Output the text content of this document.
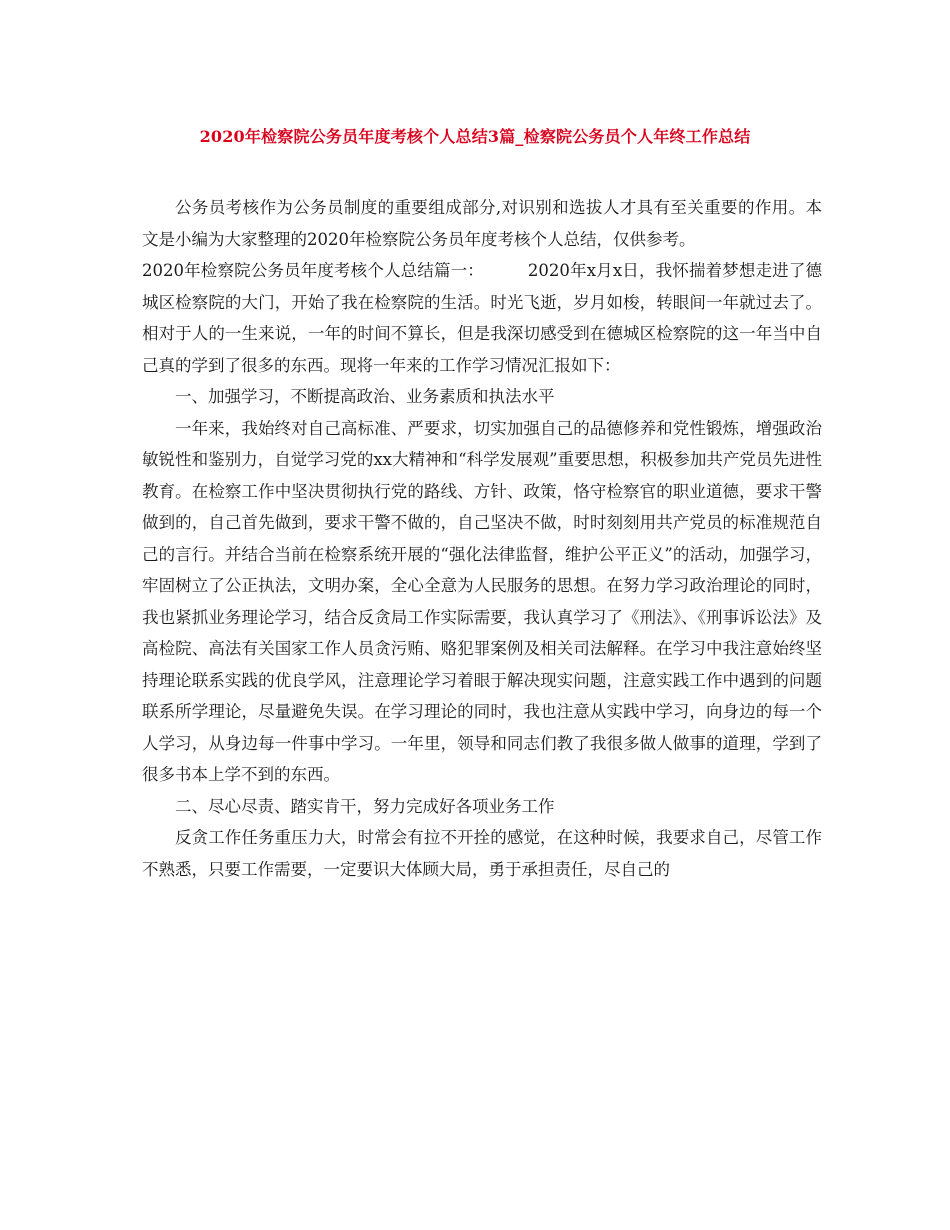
2020年检察院公务员年度考核个人总结3篇_检察院公务员个人年终工作总结

公务员考核作为公务员制度的重要组成部分,对识别和选拔人才具有至关重要的作用。本文是小编为大家整理的2020年检察院公务员年度考核个人总结，仅供参考。

2020年检察院公务员年度考核个人总结篇一：	2020年x月x日，我怀揣着梦想走进了德城区检察院的大门，开始了我在检察院的生活。时光飞逝，岁月如梭，转眼间一年就过去了。相对于人的一生来说，一年的时间不算长，但是我深切感受到在德城区检察院的这一年当中自己真的学到了很多的东西。现将一年来的工作学习情况汇报如下：

一、加强学习，不断提高政治、业务素质和执法水平

一年来，我始终对自己高标准、严要求，切实加强自己的品德修养和党性锻炼，增强政治敏锐性和鉴别力，自觉学习党的xx大精神和“科学发展观”重要思想，积极参加共产党员先进性教育。在检察工作中坚决贯彻执行党的路线、方针、政策，恪守检察官的职业道德，要求干警做到的，自己首先做到，要求干警不做的，自己坚决不做，时时刻刻用共产党员的标准规范自己的言行。并结合当前在检察系统开展的“强化法律监督，维护公平正义”的活动，加强学习，牢固树立了公正执法，文明办案，全心全意为人民服务的思想。在努力学习政治理论的同时，我也紧抓业务理论学习，结合反贪局工作实际需要，我认真学习了《刑法》、《刑事诉讼法》及高检院、高法有关国家工作人员贪污贿、赂犯罪案例及相关司法解释。在学习中我注意始终坚持理论联系实践的优良学风，注意理论学习着眼于解决现实问题，注意实践工作中遇到的问题联系所学理论，尽量避免失误。在学习理论的同时，我也注意从实践中学习，向身边的每一个人学习，从身边每一件事中学习。一年里，领导和同志们教了我很多做人做事的道理，学到了很多书本上学不到的东西。

二、尽心尽责、踏实肯干，努力完成好各项业务工作

反贪工作任务重压力大，时常会有拉不开拴的感觉，在这种时候，我要求自己，尽管工作不熟悉，只要工作需要，一定要识大体顾大局，勇于承担责任，尽自己的
